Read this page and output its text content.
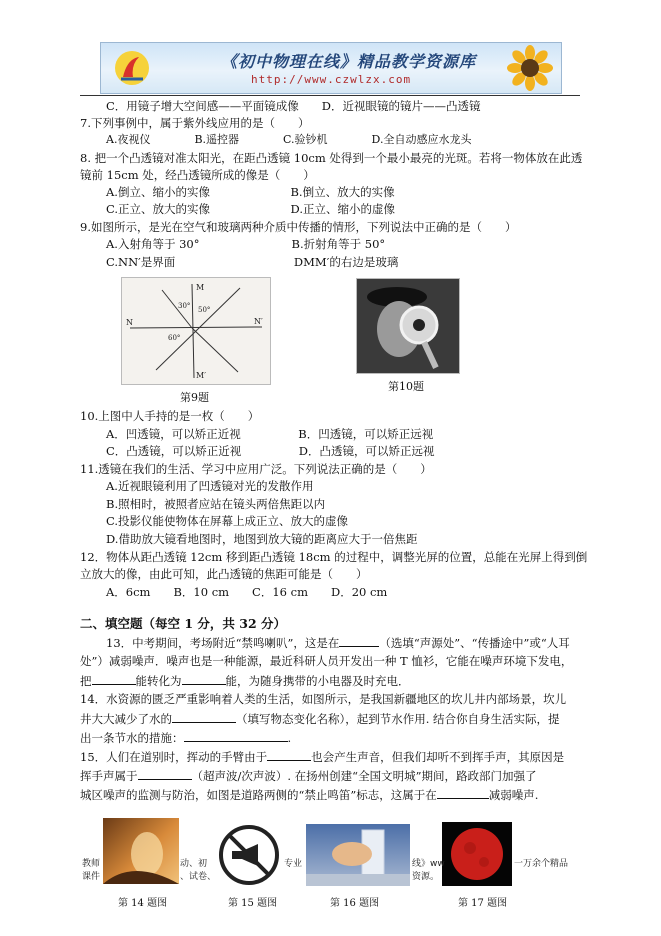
《初中物理在线》精品教学资源库
http://www.czwlzx.com
C．用镜子增大空间感——平面镜成像　　D．近视眼镜的镜片——凸透镜
7.下列事例中，属于紫外线应用的是（　　）
A.夜视仪　　　　B.遥控器　　　　C.验钞机　　　　D.全自动感应水龙头
8. 把一个凸透镜对准太阳光，在距凸透镜 10cm 处得到一个最小最亮的光斑。若将一物体放在此透
镜前 15cm 处，经凸透镜所成的像是（　　）
A.倒立、缩小的实像　　　　　　　B.倒立、放大的实像
C.正立、放大的实像　　　　　　　D.正立、缩小的虚像
9.如图所示，是光在空气和玻璃两种介质中传播的情形，下列说法中正确的是（　　）
A.入射角等于 30°　　　　　　　　B.折射角等于 50°
C.NN′是界面　　　　　　　　　　 DMM′的右边是玻璃
M
M′
N	N′
30° 50°
60°
第9题
第10题
10.上图中人手持的是一枚（　　）
A．凹透镜，可以矫正近视　　　　　B．凹透镜，可以矫正远视
C．凸透镜，可以矫正近视　　　　　D．凸透镜，可以矫正远视
11.透镜在我们的生活、学习中应用广泛。下列说法正确的是（　　）
A.近视眼镜利用了凹透镜对光的发散作用
B.照相时，被照者应站在镜头两倍焦距以内
C.投影仪能使物体在屏幕上成正立、放大的虚像
D.借助放大镜看地图时，地图到放大镜的距离应大于一倍焦距
12．物体从距凸透镜 12cm 移到距凸透镜 18cm 的过程中，调整光屏的位置，总能在光屏上得到倒
立放大的像，由此可知，此凸透镜的焦距可能是（　　）
A．6cm　　B．10 cm　　C．16 cm　　D．20 cm
二、填空题（每空 1 分，共 32 分）
13．中考期间，考场附近“禁鸣喇叭”，这是在	（选填“声源处”、“传播途中”或“人耳
处”）减弱噪声．噪声也是一种能源，最近科研人员开发出一种 T 恤衫，它能在噪声环境下发电，
把	能转化为	能，为随身携带的小电器及时充电．
14．水资源的匮乏严重影响着人类的生活，如图所示，是我国新疆地区的坎儿井内部场景，坎儿
井大大减少了水的	（填写物态变化名称），起到节水作用. 结合你自身生活实际，提
出一条节水的措施：	.
15．人们在道别时，挥动的手臂由于	也会产生声音，但我们却听不到挥手声，其原因是
挥手声属于	（超声波/次声波）. 在扬州创建“全国文明城”期间，路政部门加强了
城区噪声的监测与防治，如图是道路两侧的“禁止鸣笛”标志，这属于在	减弱噪声.
教师	动、初	专业	线》ww	一万余个精品
课件	、试卷、	资源。
第 14 题图	第 15 题图	第 16 题图	第 17 题图
